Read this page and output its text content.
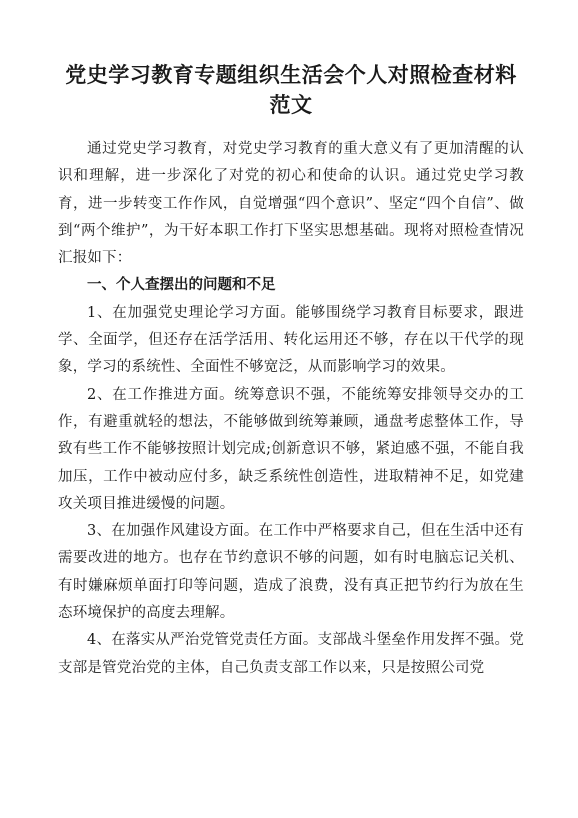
党史学习教育专题组织生活会个人对照检查材料范文

通过党史学习教育，对党史学习教育的重大意义有了更加清醒的认识和理解，进一步深化了对党的初心和使命的认识。通过党史学习教育，进一步转变工作作风，自觉增强“四个意识”、坚定“四个自信”、做到“两个维护”，为干好本职工作打下坚实思想基础。现将对照检查情况汇报如下：

一、个人查摆出的问题和不足

1、在加强党史理论学习方面。能够围绕学习教育目标要求，跟进学、全面学，但还存在活学活用、转化运用还不够，存在以干代学的现象，学习的系统性、全面性不够宽泛，从而影响学习的效果。

2、在工作推进方面。统筹意识不强，不能统筹安排领导交办的工作，有避重就轻的想法，不能够做到统筹兼顾，通盘考虑整体工作，导致有些工作不能够按照计划完成;创新意识不够，紧迫感不强，不能自我加压，工作中被动应付多，缺乏系统性创造性，进取精神不足，如党建攻关项目推进缓慢的问题。

3、在加强作风建设方面。在工作中严格要求自己，但在生活中还有需要改进的地方。也存在节约意识不够的问题，如有时电脑忘记关机、有时嫌麻烦单面打印等问题，造成了浪费，没有真正把节约行为放在生态环境保护的高度去理解。

4、在落实从严治党管党责任方面。支部战斗堡垒作用发挥不强。党支部是管党治党的主体，自己负责支部工作以来，只是按照公司党
